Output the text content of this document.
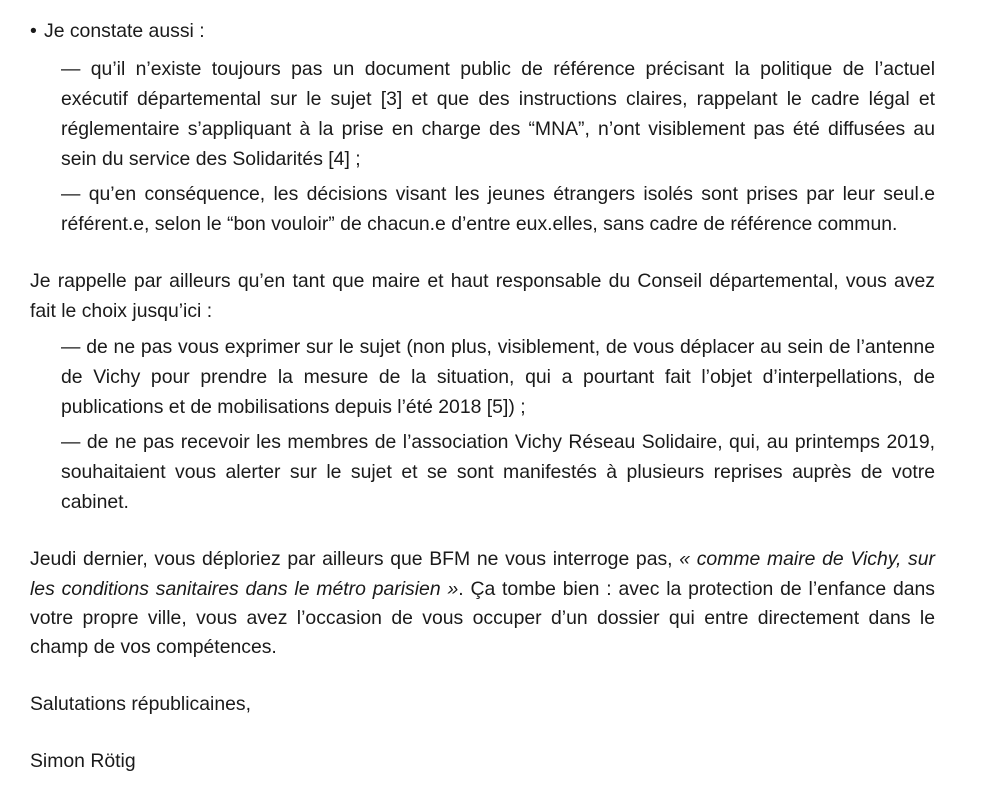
• Je constate aussi :
— qu’il n’existe toujours pas un document public de référence précisant la politique de l’actuel
exécutif départemental sur le sujet [3] et que des instructions claires, rappelant le cadre légal et
réglementaire s’appliquant à la prise en charge des “MNA”, n’ont visiblement pas été diffusées au
sein du service des Solidarités [4] ;
— qu’en conséquence, les décisions visant les jeunes étrangers isolés sont prises par leur seul.e
référent.e, selon le “bon vouloir” de chacun.e d’entre eux.elles, sans cadre de référence commun.
Je rappelle par ailleurs qu’en tant que maire et haut responsable du Conseil départemental, vous avez
fait le choix jusqu’ici :
— de ne pas vous exprimer sur le sujet (non plus, visiblement, de vous déplacer au sein de l’antenne
de Vichy pour prendre la mesure de la situation, qui a pourtant fait l’objet d’interpellations, de
publications et de mobilisations depuis l’été 2018 [5]) ;
— de ne pas recevoir les membres de l’association Vichy Réseau Solidaire, qui, au printemps 2019,
souhaitaient vous alerter sur le sujet et se sont manifestés à plusieurs reprises auprès de votre
cabinet.
Jeudi dernier, vous déploriez par ailleurs que BFM ne vous interroge pas, « comme maire de Vichy, sur
les conditions sanitaires dans le métro parisien ». Ça tombe bien : avec la protection de l’enfance dans
votre propre ville, vous avez l’occasion de vous occuper d’un dossier qui entre directement dans le
champ de vos compétences.
Salutations républicaines,
Simon Rötig
